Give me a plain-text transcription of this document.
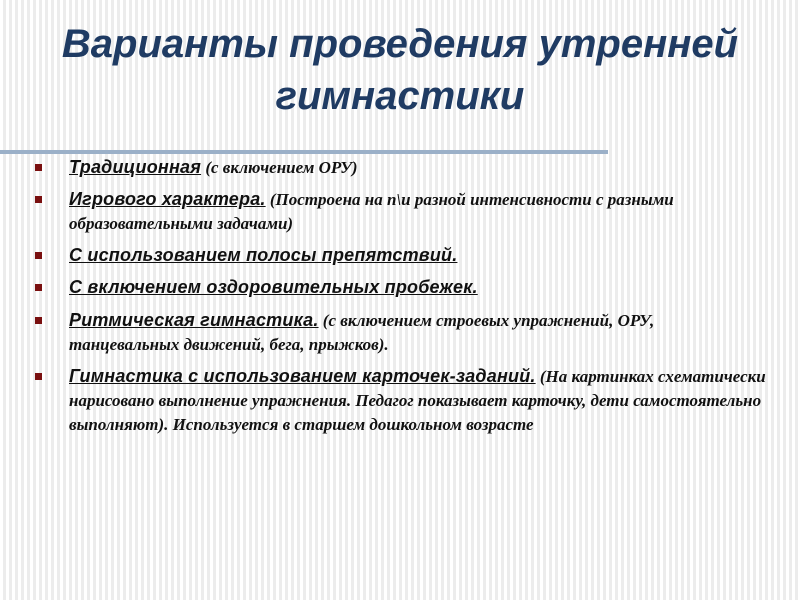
Варианты проведения утренней
гимнастики
Традиционная (с включением ОРУ)
Игрового характера. (Построена на п\и разной интенсивности с разными образовательными задачами)
С использованием полосы препятствий.
С включением оздоровительных пробежек.
Ритмическая гимнастика. (с включением строевых упражнений, ОРУ, танцевальных движений, бега, прыжков).
Гимнастика с использованием карточек-заданий. (На картинках схематически нарисовано выполнение упражнения. Педагог показывает карточку, дети самостоятельно выполняют). Используется в старшем дошкольном возрасте
